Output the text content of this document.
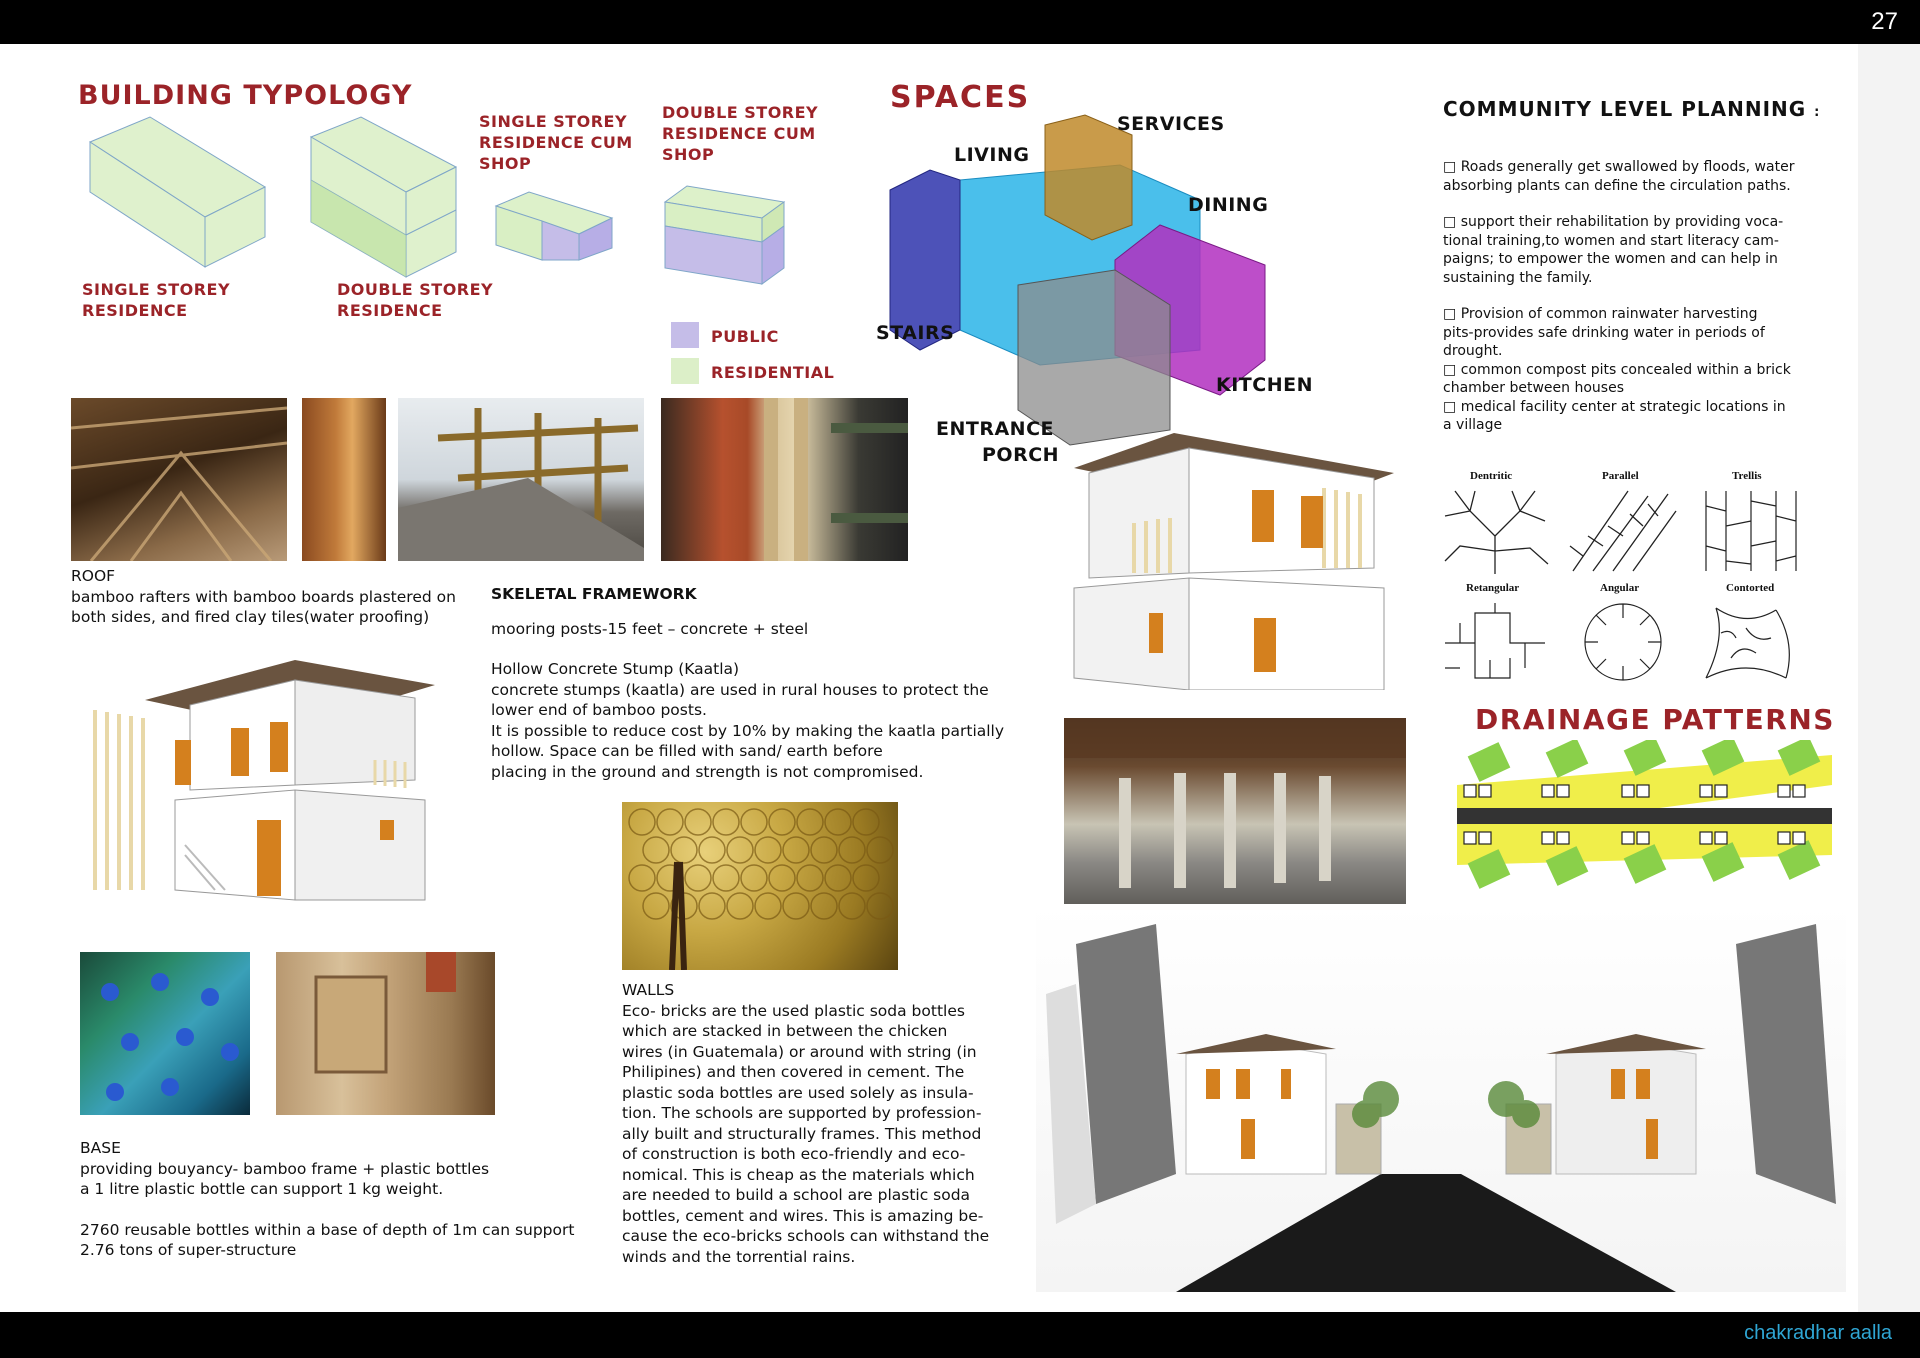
27
BUILDING TYPOLOGY
SINGLE STOREY
RESIDENCE
DOUBLE STOREY
RESIDENCE
SINGLE STOREY
RESIDENCE CUM
SHOP
DOUBLE STOREY
RESIDENCE CUM
SHOP
PUBLIC
RESIDENTIAL
SPACES
LIVING
SERVICES
DINING
STAIRS
KITCHEN
ENTRANCE
PORCH
COMMUNITY LEVEL PLANNING :
□ Roads generally get swallowed by floods, water
absorbing plants can define the circulation paths.
□ support their rehabilitation by providing voca-
tional training,to women and start literacy cam-
paigns; to empower the women and can help in
sustaining the family.
□ Provision of common rainwater harvesting
pits-provides safe drinking water in periods of
drought.
□ common compost pits concealed within a brick
chamber between houses
□ medical facility center at strategic locations in
a village
Dentritic	Parallel	Trellis
Retangular	Angular	Contorted
DRAINAGE PATTERNS
ROOF
bamboo rafters with bamboo boards plastered on
both sides, and fired clay tiles(water proofing)
SKELETAL FRAMEWORK
mooring posts-15 feet – concrete + steel
Hollow Concrete Stump (Kaatla)
concrete stumps (kaatla) are used in rural houses to protect the
lower end of bamboo posts.
It is possible to reduce cost by 10% by making the kaatla partially
hollow. Space can be filled with sand/ earth before
placing in the ground and strength is not compromised.
BASE
providing bouyancy- bamboo frame + plastic bottles
a 1 litre plastic bottle can support 1 kg weight.
2760 reusable bottles within a base of depth of 1m can support
2.76 tons of super-structure
WALLS
Eco- bricks are the used plastic soda bottles
which are stacked in between the chicken
wires (in Guatemala) or around with string (in
Philipines) and then covered in cement. The
plastic soda bottles are used solely as insula-
tion. The schools are supported by profession-
ally built and structurally frames. This method
of construction is both eco-friendly and eco-
nomical. This is cheap as the materials which
are needed to build a school are plastic soda
bottles, cement and wires. This is amazing be-
cause the eco-bricks schools can withstand the
winds and the torrential rains.
chakradhar aalla
